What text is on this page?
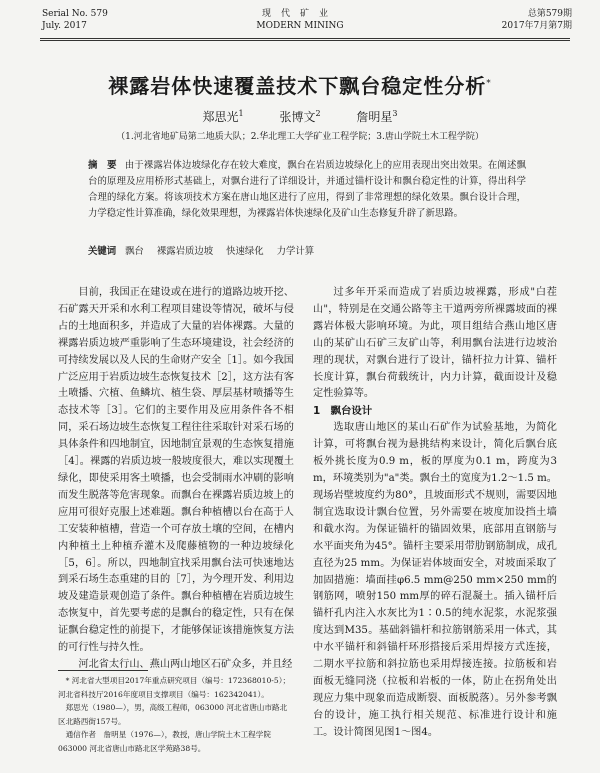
Serial No. 579
July. 2017
现代矿业
MODERN MINING
总第579期
2017年7月第7期
裸露岩体快速覆盖技术下飘台稳定性分析*
郑思光$^1$	张博文$^2$	詹明星$^3$
（1.河北省地矿局第二地质大队；2.华北理工大学矿业工程学院；3.唐山学院土木工程学院）
摘　要 由于裸露岩体边坡绿化存在较大难度，飘台在岩质边坡绿化上的应用表现出突出效果。在阐述飘台的原理及应用桥形式基础上，对飘台进行了详细设计，并通过锚杆设计和飘台稳定性的计算，得出科学合理的绿化方案。将该项技术方案在唐山地区进行了应用，得到了非常理想的绿化效果。飘台设计合理，力学稳定性计算准确，绿化效果理想，为裸露岩体快速绿化及矿山生态修复升辟了新思路。
关键词 飘台 裸露岩质边坡 快速绿化 力学计算

目前，我国正在建设或在进行的道路边坡开挖、石矿露天开采和水利工程项目建设等情况，破坏与侵占的土地面积多，并造成了大量的岩体裸露。大量的裸露岩质边坡严重影响了生态环境建设，社会经济的可持续发展以及人民的生命财产安全［1］。如今我国广泛应用于岩质边坡生态恢复技术［2］，这方法有客土喷播、穴植、鱼鳞坑、植生袋、厚层基材喷播等生态技术等［3］。它们的主要作用及应用条件各不相同，采石场边坡生态恢复工程往往采取针对采石场的具体条件和四地制宜，因地制宜景观的生态恢复措施［4］。裸露的岩质边坡一般坡度很大，难以实现覆土绿化，即使采用客土喷播，也会受制雨水冲刷的影响而发生脱落等危害现象。而飘台在裸露岩质边坡上的应用可很好克服上述难题。飘台种植槽以台在高于人工安装种植槽，营造一个可存放土壤的空间，在槽内内种植土上种植乔灌木及爬藤植物的一种边坡绿化［5，6］。所以，四地制宜找采用飘台法可快速地达到采石场生态重建的目的［7］，为今理开发、利用边坡及建造景观创造了条件。飘台种植槽在岩质边坡生态恢复中，首先要考虑的是飘台的稳定性，只有在保证飘台稳定性的前提下，才能够保证该措施恢复方法的可行性与持久性。

河北省太行山、燕山两山地区石矿众多，并且经

* 河北省大型项目2017年重点研究项目（编号：172368010-5）；河北省科技厅2016年度项目支撑项目（编号：162342041）。

郑思光（1980—），男，高级工程师，063000 河北省唐山市路北区北路西街157号。

通信作者　詹明星（1976—），教授，唐山学院土木工程学院063000 河北省唐山市路北区学苑路38号。

过多年开采而造成了岩质边坡裸露，形成"白茬山"，特别是在交通公路等主干道两旁所裸露坡面的裸露岩体极大影响环境。为此，项目组结合燕山地区唐山的某矿山石矿三友矿山等，利用飘台法进行边坡治理的现状，对飘台进行了设计，锚杆拉力计算、锚杆长度计算，飘台荷载统计，内力计算，截面设计及稳定性验算等。

1　飘台设计

选取唐山地区的某山石矿作为试验基地，为简化计算，可将飘台视为悬挑结构来设计，简化后飘台底板外挑长度为0.9 m，板的厚度为0.1 m，跨度为3 m，环境类别为"a"类。飘台土的宽度为1.2～1.5 m。现场岩壁坡度约为80°，且坡面形式不规则，需要因地制宜选取设计飘台位置，另外需要在坡度加设挡土墙和截水沟。为保证锚杆的锚固效果，底部用直钢筋与水平面夹角为45°。锚杆主要采用带肋钢筋制成，成孔直径为25 mm。为保证岩体坡面安全，对坡面采取了加固措施：墙面挂φ6.5 mm@250 mm×250 mm的钢筋网，喷射150 mm厚的碎石混凝土。插入锚杆后锚杆孔内注入水灰比为1∶0.5的纯水泥浆，水泥浆强度达到M35。基础斜锚杆和拉筋钢筋采用一体式，其中水平锚杆和斜锚杆环形搭接后采用焊接方式连接，二期水平拉筋和斜拉筋也采用焊接连接。拉筋板和岩面板无缝同浇（拉板和岩板的一体，防止在拐角处出现应力集中现象而造成断裂、面板脱落）。另外参考飘台的设计，施工执行相关规范、标准进行设计和施工。设计简图见图1～图4。
